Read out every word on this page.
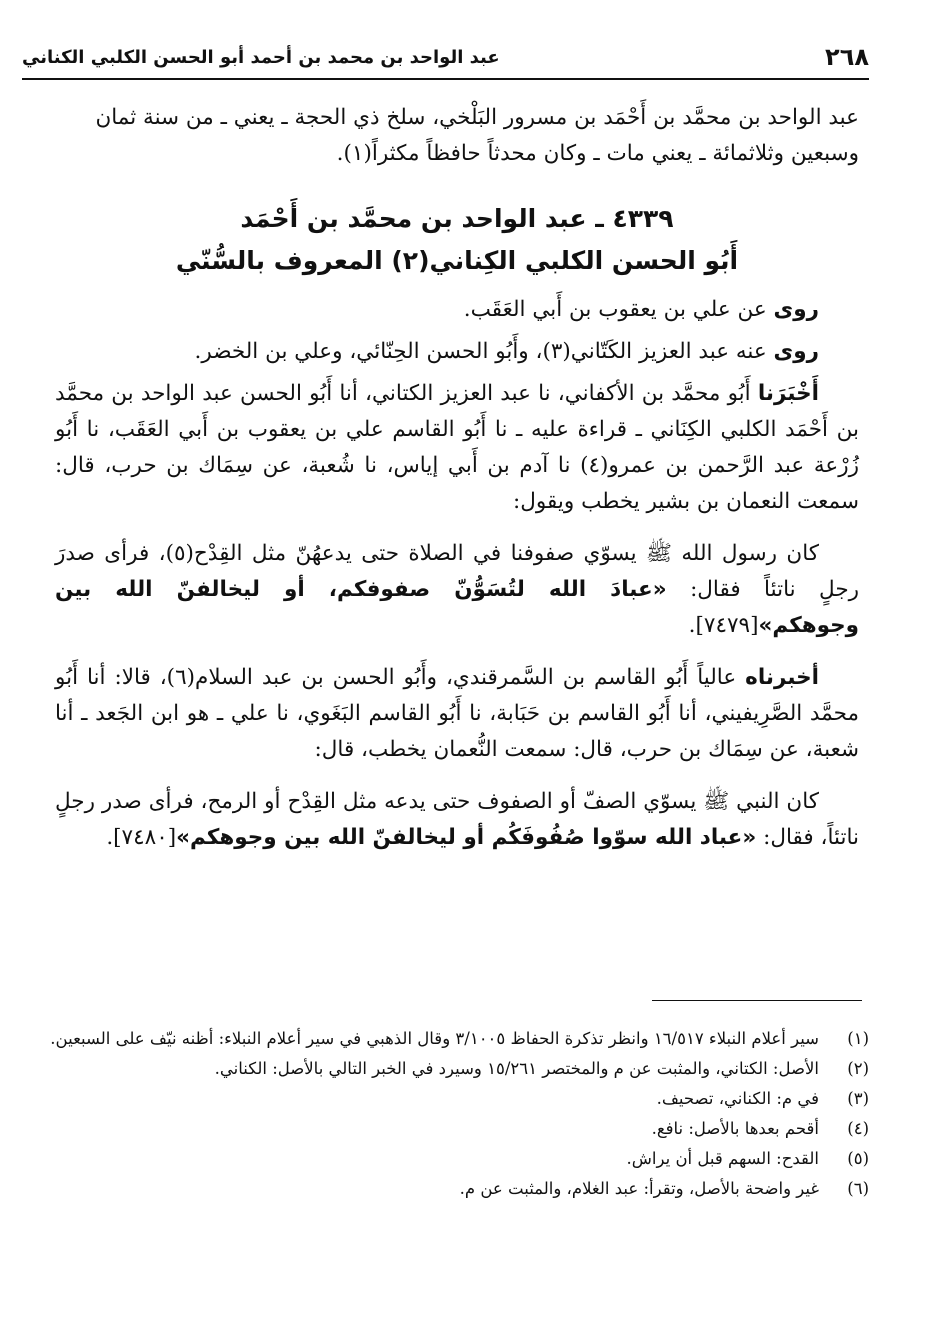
٢٦٨
عبد الواحد بن محمد بن أحمد أبو الحسن الكلبي الكناني

عبد الواحد بن محمَّد بن أَحْمَد بن مسرور البَلْخي، سلخ ذي الحجة ـ يعني ـ من سنة ثمان

وسبعين وثلاثمائة ـ يعني مات ـ وكان محدثاً حافظاً مكثراً(١).

٤٣٣٩ ـ عبد الواحد بن محمَّد بن أَحْمَد
أَبُو الحسن الكلبي الكِناني(٢) المعروف بالسُّنّي

روى عن علي بن يعقوب بن أَبي العَقَب.

روى عنه عبد العزيز الكَتّاني(٣)، وأَبُو الحسن الحِنّائي، وعلي بن الخضر.

أَخْبَرَنا أَبُو محمَّد بن الأكفاني، نا عبد العزيز الكتاني، أنا أَبُو الحسن عبد الواحد بن محمَّد بن أَحْمَد الكلبي الكِنَاني ـ قراءة عليه ـ نا أَبُو القاسم علي بن يعقوب بن أَبي العَقَب، نا أَبُو زُرْعة عبد الرَّحمن بن عمرو(٤) نا آدم بن أَبي إياس، نا شُعبة، عن سِمَاك بن حرب، قال: سمعت النعمان بن بشير يخطب ويقول:

كان رسول الله ﷺ يسوّي صفوفنا في الصلاة حتى يدعهُنّ مثل القِدْح(٥)، فرأى صدرَ رجلٍ ناتئاً فقال: «عبادَ الله لتُسَوُّنّ صفوفكم، أو ليخالفنّ الله بين وجوهكم»[٧٤٧٩].

أخبرناه عالياً أَبُو القاسم بن السَّمرقندي، وأَبُو الحسن بن عبد السلام(٦)، قالا: أنا أَبُو محمَّد الصَّرِيفيني، أنا أَبُو القاسم بن حَبَابة، نا أَبُو القاسم البَغَوي، نا علي ـ هو ابن الجَعد ـ أنا شعبة، عن سِمَاك بن حرب، قال: سمعت النُّعمان يخطب، قال:

كان النبي ﷺ يسوّي الصفّ أو الصفوف حتى يدعه مثل القِدْح أو الرمح، فرأى صدر رجلٍ ناتئاً، فقال: «عباد الله سوّوا صُفُوفَكُم أو ليخالفنّ الله بين وجوهكم»[٧٤٨٠].

(١)
سير أعلام النبلاء ١٦/٥١٧ وانظر تذكرة الحفاظ ٣/١٠٠٥ وقال الذهبي في سير أعلام النبلاء: أظنه نيّف على السبعين.
(٢)
الأصل: الكتاني، والمثبت عن م والمختصر ١٥/٢٦١ وسيرد في الخبر التالي بالأصل: الكناني.
(٣)
في م: الكناني، تصحيف.
(٤)
أقحم بعدها بالأصل: نافع.
(٥)
القدح: السهم قبل أن يراش.
(٦)
غير واضحة بالأصل، وتقرأ: عبد الغلام، والمثبت عن م.
